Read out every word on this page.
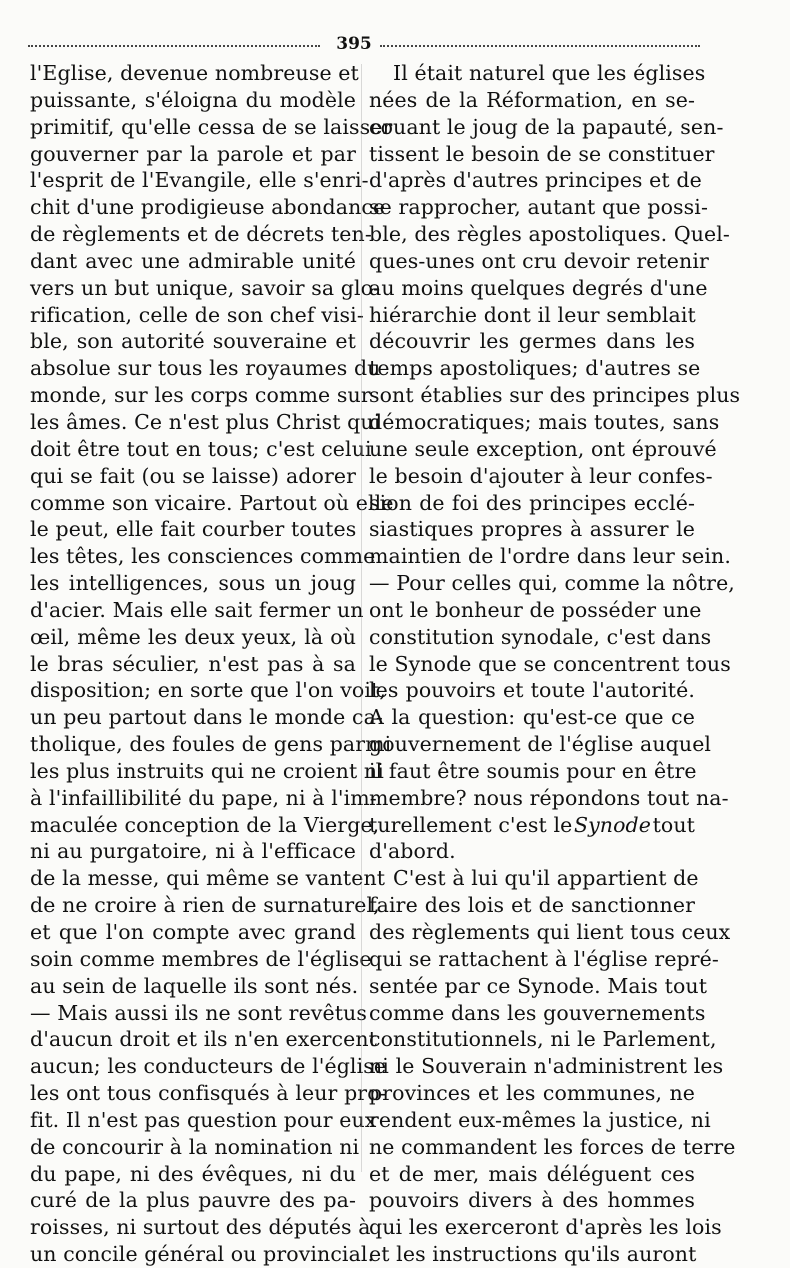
395
l'Eglise, devenue nombreuse et
puissante, s'éloigna du modèle
primitif, qu'elle cessa de se laisser
gouverner par la parole et par
l'esprit de l'Evangile, elle s'enri-
chit d'une prodigieuse abondance
de règlements et de décrets ten-
dant avec une admirable unité
vers un but unique, savoir sa glo-
rification, celle de son chef visi-
ble, son autorité souveraine et
absolue sur tous les royaumes du
monde, sur les corps comme sur
les âmes. Ce n'est plus Christ qui
doit être tout en tous; c'est celui
qui se fait (ou se laisse) adorer
comme son vicaire. Partout où elle
le peut, elle fait courber toutes
les têtes, les consciences comme
les intelligences, sous un joug
d'acier. Mais elle sait fermer un
œil, même les deux yeux, là où
le bras séculier, n'est pas à sa
disposition; en sorte que l'on voit,
un peu partout dans le monde ca-
tholique, des foules de gens parmi
les plus instruits qui ne croient ni
à l'infaillibilité du pape, ni à l'im-
maculée conception de la Vierge,
ni au purgatoire, ni à l'efficace
de la messe, qui même se vantent
de ne croire à rien de surnaturel,
et que l'on compte avec grand
soin comme membres de l'église
au sein de laquelle ils sont nés.
— Mais aussi ils ne sont revêtus
d'aucun droit et ils n'en exercent
aucun; les conducteurs de l'église
les ont tous confisqués à leur pro-
fit. Il n'est pas question pour eux
de concourir à la nomination ni
du pape, ni des évêques, ni du
curé de la plus pauvre des pa-
roisses, ni surtout des députés à
un concile général ou provincial.
Il était naturel que les églises
nées de la Réformation, en se-
couant le joug de la papauté, sen-
tissent le besoin de se constituer
d'après d'autres principes et de
se rapprocher, autant que possi-
ble, des règles apostoliques. Quel-
ques-unes ont cru devoir retenir
au moins quelques degrés d'une
hiérarchie dont il leur semblait
découvrir les germes dans les
temps apostoliques; d'autres se
sont établies sur des principes plus
démocratiques; mais toutes, sans
une seule exception, ont éprouvé
le besoin d'ajouter à leur confes-
sion de foi des principes ecclé-
siastiques propres à assurer le
maintien de l'ordre dans leur sein.
— Pour celles qui, comme la nôtre,
ont le bonheur de posséder une
constitution synodale, c'est dans
le Synode que se concentrent tous
les pouvoirs et toute l'autorité.
A la question: qu'est-ce que ce
gouvernement de l'église auquel
il faut être soumis pour en être
membre? nous répondons tout na-
turellement c'est le Synode tout
d'abord.
C'est à lui qu'il appartient de
faire des lois et de sanctionner
des règlements qui lient tous ceux
qui se rattachent à l'église repré-
sentée par ce Synode. Mais tout
comme dans les gouvernements
constitutionnels, ni le Parlement,
ni le Souverain n'administrent les
provinces et les communes, ne
rendent eux-mêmes la justice, ni
ne commandent les forces de terre
et de mer, mais déléguent ces
pouvoirs divers à des hommes
qui les exerceront d'après les lois
et les instructions qu'ils auront
